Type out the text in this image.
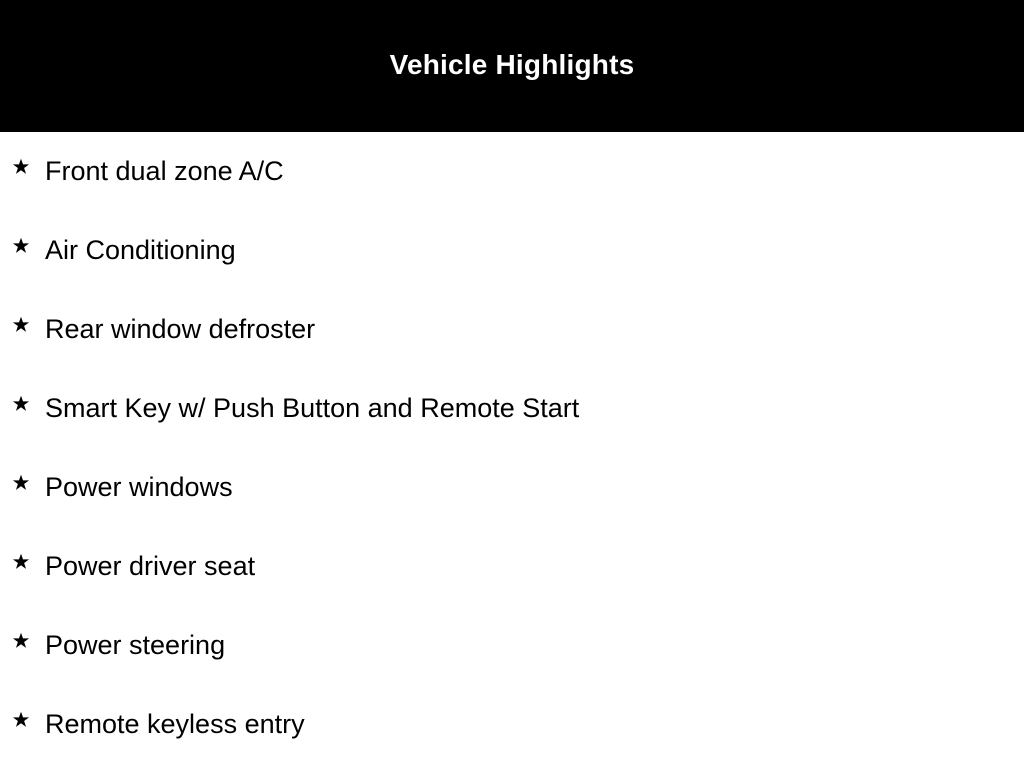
Vehicle Highlights
Front dual zone A/C
Air Conditioning
Rear window defroster
Smart Key w/ Push Button and Remote Start
Power windows
Power driver seat
Power steering
Remote keyless entry
